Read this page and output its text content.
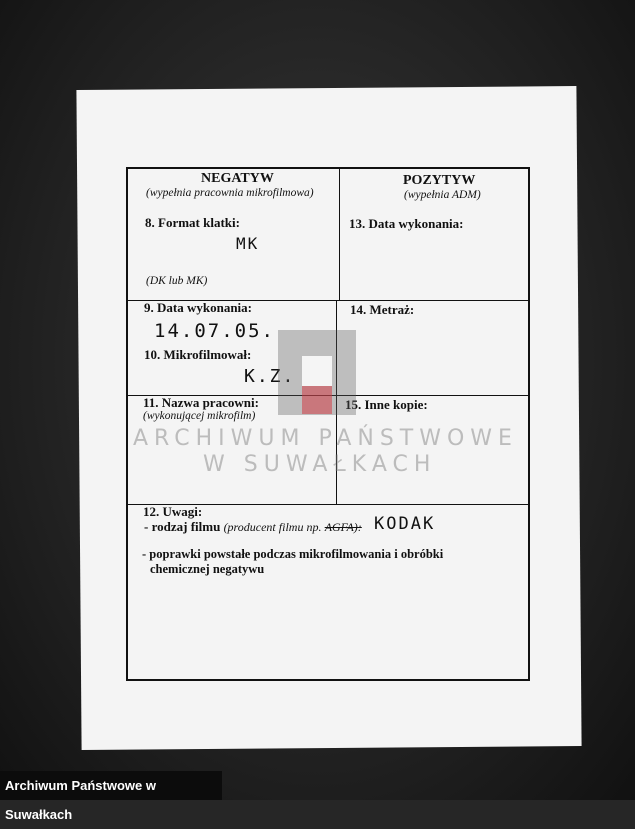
NEGATYW
(wypełnia pracownia mikrofilmowa)
8. Format klatki:
MK
(DK lub MK)
POZYTYW
(wypełnia ADM)
13. Data wykonania:
9. Data wykonania:
14.07.05.
10. Mikrofilmował:
K.Z.
14. Metraż:
11. Nazwa pracowni:
(wykonującej mikrofilm)
15. Inne kopie:
12. Uwagi:
- rodzaj filmu (producent filmu np. AGFA): KODAK
- poprawki powstałe podczas mikrofilmowania i obróbki
chemicznej negatywu
ARCHIWUM PAŃSTWOWE
W SUWAŁKACH
Archiwum Państwowe w Suwałkach
